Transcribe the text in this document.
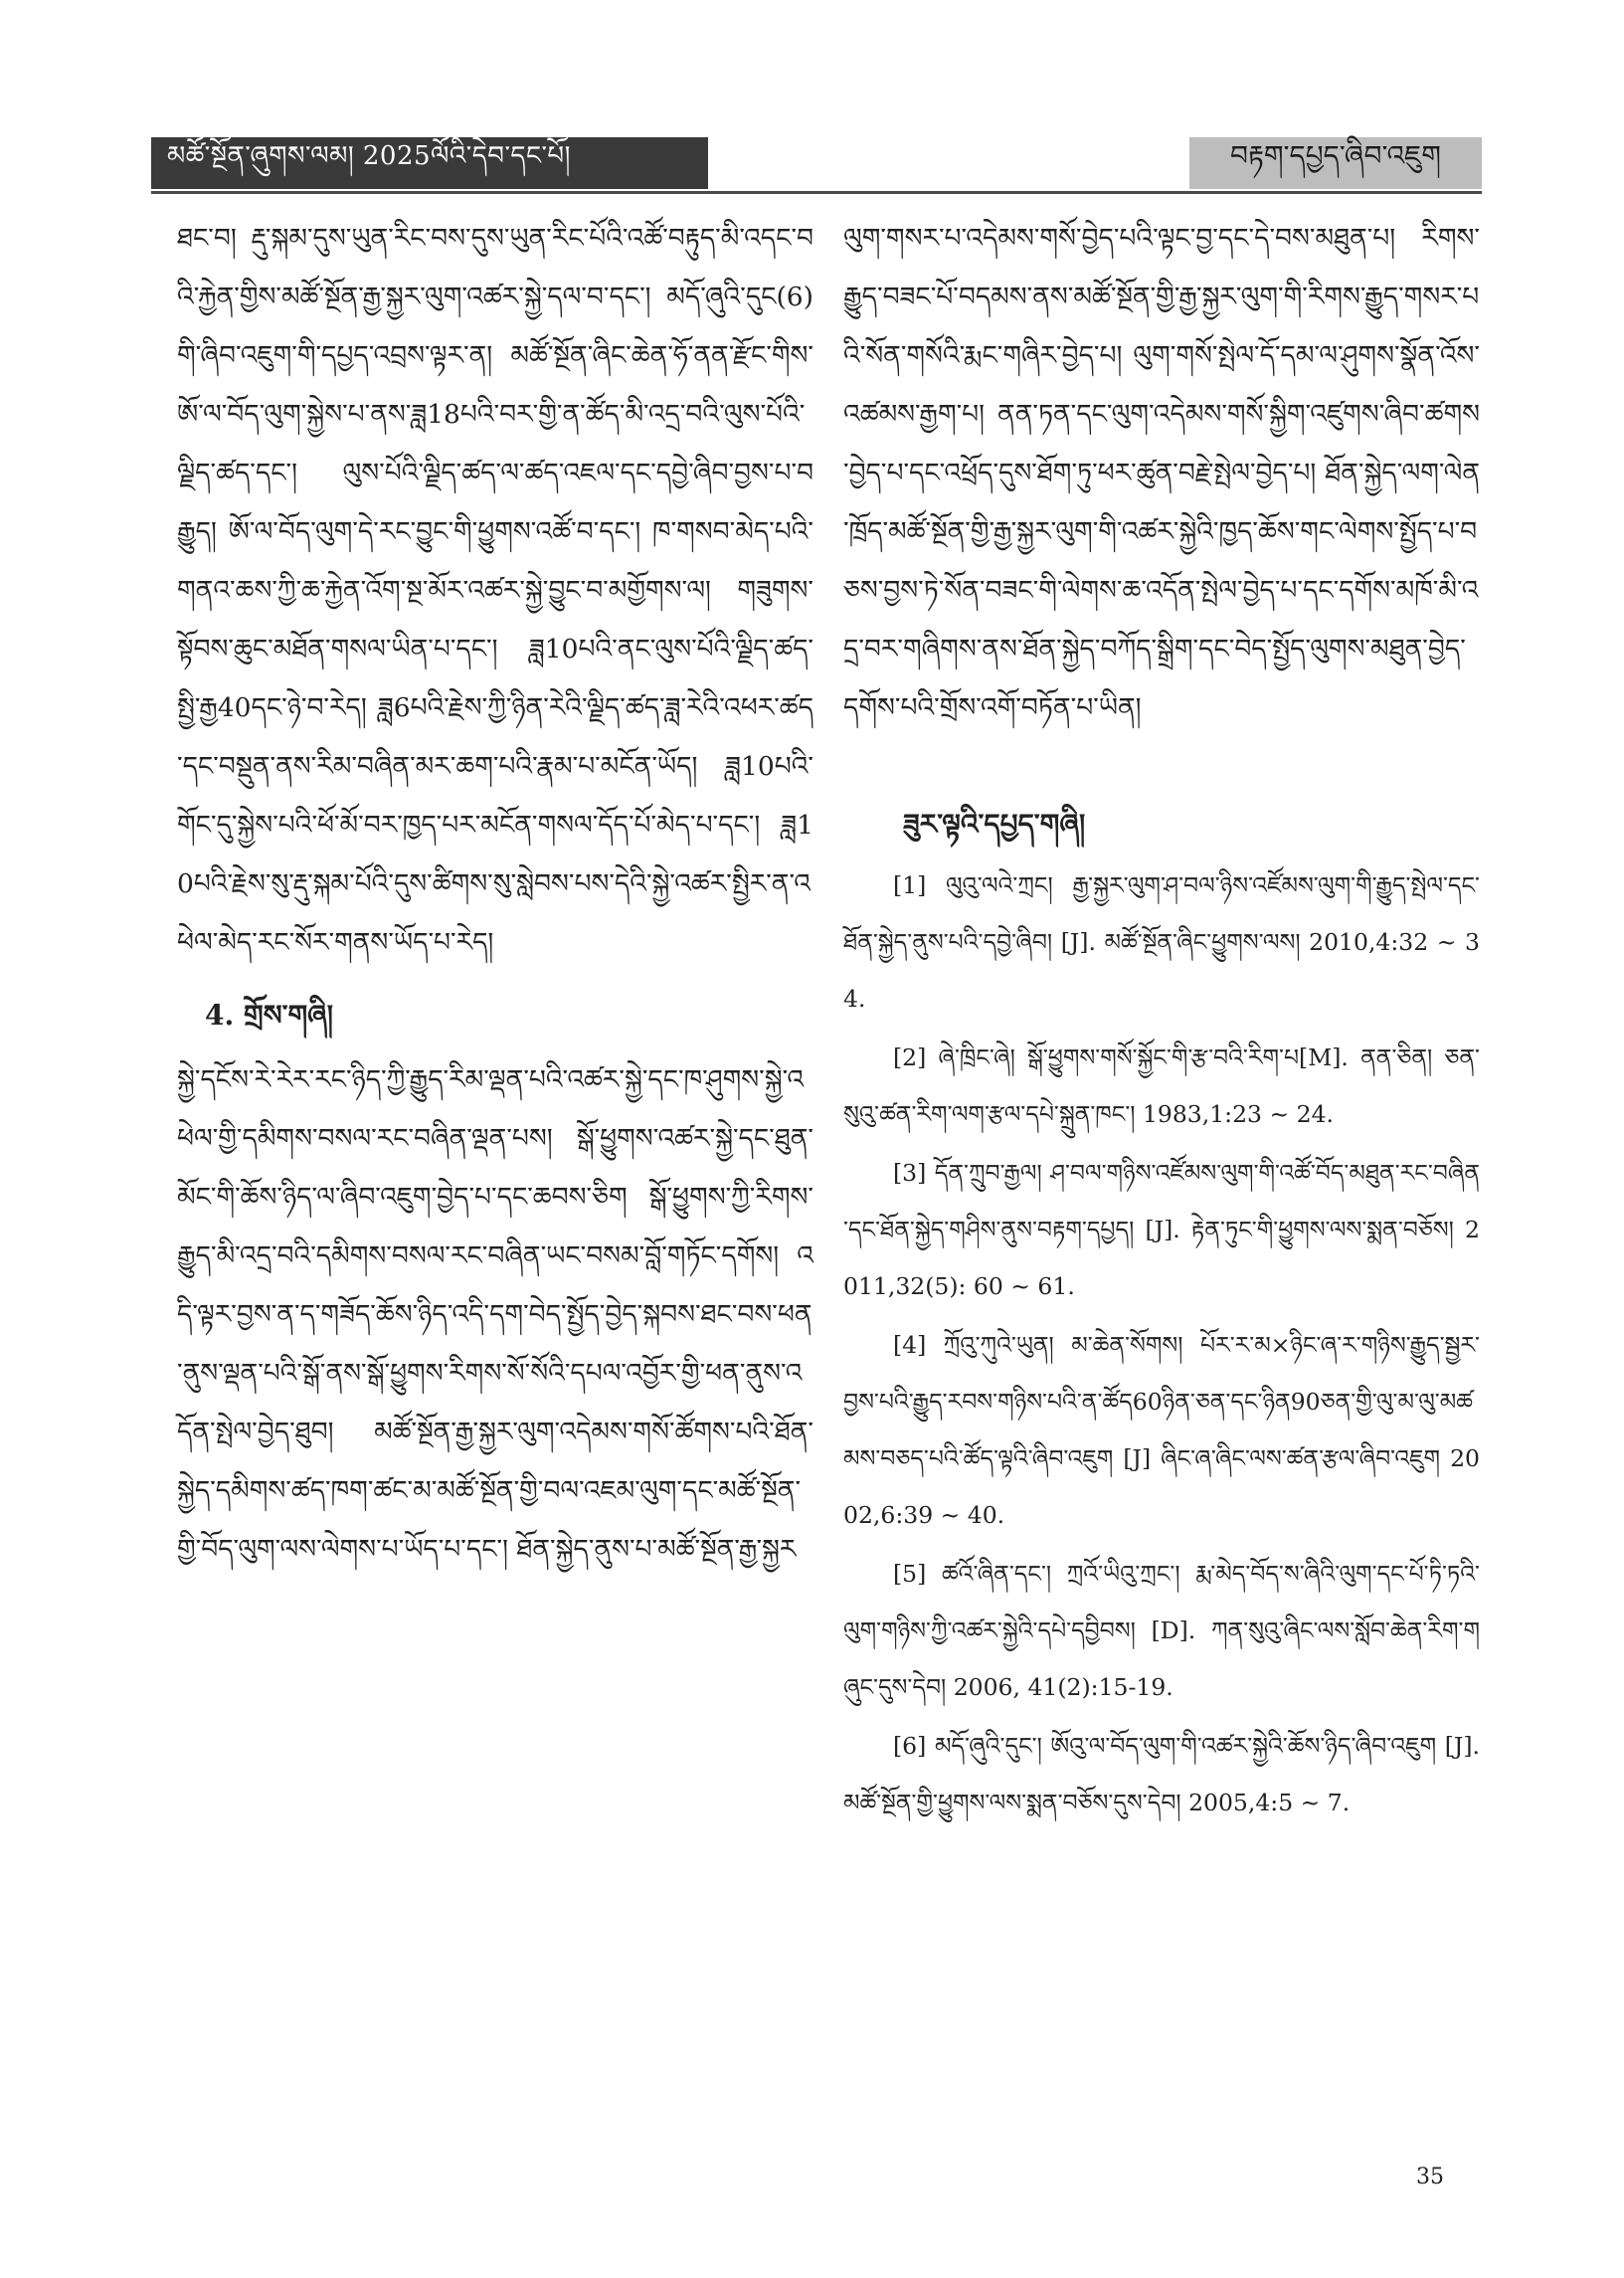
མཚོ་སྔོན་ཞུགས་ལམ། 2025ལོའི་དེབ་དང་པོ།	བརྟག་དཔྱད་ཞིབ་འཇུག

ཐང་བ། རྡུ་སྐམ་དུས་ཡུན་རིང་བས་དུས་ཡུན་རིང་པོའི་འཚོ་བརྟུད་མི་འདང་བའི་རྐྱེན་གྱིས་མཚོ་སྔོན་རྒྱ་སྐྱར་ལུག་འཚར་སྐྱེ་དལ་བ་དང་། མདོ་ཞུའི་དུང(6)གི་ཞིབ་འཇུག་གི་དཔྱད་འབྲས་ལྟར་ན། མཚོ་སྔོན་ཞིང་ཆེན་ཧོ་ནན་རྫོང་གིས་ཨོ་ལ་བོད་ལུག་སྐྱེས་པ་ནས་ཟླ18པའི་བར་གྱི་ན་ཚོད་མི་འདྲ་བའི་ལུས་པོའི་ལྗིད་ཚད་དང་། ལུས་པོའི་ལྗིད་ཚད་ལ་ཚད་འཇལ་དང་དབྱེ་ཞིབ་བྱས་པ་བརྒྱུད། ཨོ་ལ་བོད་ལུག་དེ་རང་བྱུང་གི་ཕྱུགས་འཚོ་བ་དང་། ཁ་གསབ་མེད་པའི་གནའ་ཆས་ཀྱི་ཆ་རྐྱེན་འོག་སྔ་མོར་འཚར་སྐྱེ་བྱུང་བ་མགྱོགས་ལ། གཟུགས་སྟོབས་ཆུང་མཐོན་གསལ་ཡིན་པ་དང་། ཟླ10པའི་ནང་ལུས་པོའི་ལྗིད་ཚད་སྤྱི་རྒྱ40དང་ཉེ་བ་རེད། ཟླ6པའི་རྗེས་ཀྱི་ཉིན་རེའི་ལྗིད་ཚད་ཟླ་རེའི་འཕར་ཚད་དང་བསྡུན་ནས་རིམ་བཞིན་མར་ཆག་པའི་རྣམ་པ་མངོན་ཡོད། ཟླ10པའི་གོང་དུ་སྐྱེས་པའི་ཕོ་མོ་བར་ཁྱད་པར་མངོན་གསལ་དོད་པོ་མེད་པ་དང་། ཟླ10པའི་རྗེས་སུ་རྡུ་སྐམ་པོའི་དུས་ཚིགས་སུ་སླེབས་པས་དེའི་སྐྱེ་འཚར་སྤྱིར་ན་འཕེལ་མེད་རང་སོར་གནས་ཡོད་པ་རེད།

4. གྲོས་གཞི།

སྐྱེ་དངོས་རེ་རེར་རང་ཉིད་ཀྱི་རྒྱུད་རིམ་ལྡན་པའི་འཚར་སྐྱེ་དང་ཁ་ཤུགས་སྐྱེ་འཕེལ་གྱི་དམིགས་བསལ་རང་བཞིན་ལྡན་པས། སྒོ་ཕྱུགས་འཚར་སྐྱེ་དང་ཐུན་མོང་གི་ཆོས་ཉིད་ལ་ཞིབ་འཇུག་བྱེད་པ་དང་ཆབས་ཅིག སྒོ་ཕྱུགས་ཀྱི་རིགས་རྒྱུད་མི་འདྲ་བའི་དམིགས་བསལ་རང་བཞིན་ཡང་བསམ་བློ་གཏོང་དགོས། འདི་ལྟར་བྱས་ན་ད་གཟོད་ཆོས་ཉིད་འདི་དག་བེད་སྤྱོད་བྱེད་སྐབས་ཐང་བས་ཕན་ནུས་ལྡན་པའི་སྒོ་ནས་སྒོ་ཕྱུགས་རིགས་སོ་སོའི་དཔལ་འབྱོར་གྱི་ཕན་ནུས་འདོན་སྤེལ་བྱེད་ཐུབ། མཚོ་སྔོན་རྒྱ་སྐྱར་ལུག་འདེམས་གསོ་ཚོགས་པའི་ཐོན་སྐྱེད་དམིགས་ཚད་ཁག་ཚང་མ་མཚོ་སྔོན་གྱི་བལ་འཇམ་ལུག་དང་མཚོ་སྔོན་གྱི་བོད་ལུག་ལས་ལེགས་པ་ཡོད་པ་དང་། ཐོན་སྐྱེད་ནུས་པ་མཚོ་སྔོན་རྒྱ་སྐྱར

ལུག་གསར་པ་འདེམས་གསོ་བྱེད་པའི་ལྟང་བྱ་དང་དེ་བས་མཐུན་པ། རིགས་རྒྱུད་བཟང་པོ་བདམས་ནས་མཚོ་སྔོན་གྱི་རྒྱ་སྐྱར་ལུག་གི་རིགས་རྒྱུད་གསར་པའི་སོན་གསོའི་རྨང་གཞིར་བྱེད་པ། ལུག་གསོ་སྤེལ་དོ་དམ་ལ་ཤུགས་སྣོན་འོས་འཚམས་རྒྱག་པ། ནན་ཏན་དང་ལུག་འདེམས་གསོ་སྐྱིག་འཛུགས་ཞིབ་ཚགས་བྱེད་པ་དང་འཕྲོད་དུས་ཐོག་ཏུ་ཕར་ཚུན་བརྗེ་སྤེལ་བྱེད་པ། ཐོན་སྐྱེད་ལག་ལེན་ཁྲོད་མཚོ་སྔོན་གྱི་རྒྱ་སྐྱར་ལུག་གི་འཚར་སྐྱེའི་ཁྱད་ཆོས་གང་ལེགས་སྤྱོད་པ་བཅས་བྱས་ཏེ་སོན་བཟང་གི་ལེགས་ཆ་འདོན་སྤེལ་བྱེད་པ་དང་དགོས་མཁོ་མི་འདྲ་བར་གཞིགས་ནས་ཐོན་སྐྱེད་བཀོད་སྒྲིག་དང་བེད་སྤྱོད་ལུགས་མཐུན་བྱེད་དགོས་པའི་གྲོས་འགོ་བཏོན་པ་ཡིན།

ཟུར་ལྟའི་དཔྱད་གཞི།

[1] ལུའུ་ལའེ་ཀྲང། རྒྱ་སྐྱར་ལུག་ཤ་བལ་ཉིས་འཛོམས་ལུག་གི་རྒྱུད་སྤེལ་དང་ཐོན་སྐྱེད་ནུས་པའི་དབྱེ་ཞིབ། [J]. མཚོ་སྔོན་ཞིང་ཕྱུགས་ལས། 2010,4:32 ~ 34.

[2] ཞེ་ཁྲིང་ཞེ། སྒོ་ཕྱུགས་གསོ་སྐྱོང་གི་རྩ་བའི་རིག་པ[M]. ནན་ཅིན། ཅན་སུའུ་ཚན་རིག་ལག་རྩལ་དཔེ་སྐྲུན་ཁང་། 1983,1:23 ~ 24.

[3] དོན་ཀྲུབ་རྒྱལ། ཤ་བལ་གཉིས་འཛོམས་ལུག་གི་འཚོ་བོད་མཐུན་རང་བཞིན་དང་ཐོན་སྐྱེད་གཤིས་ནུས་བརྟག་དཔྱད། [J]. རྟེན་ཏུང་གི་ཕྱུགས་ལས་སྨན་བཅོས། 2011,32(5): 60 ~ 61.

[4] ཀྲོའུ་ཀུའེ་ཡུན། མ་ཆེན་སོགས། པོར་ར་མ×ཉིང་ཞ་ར་གཉིས་རྒྱུད་སྦྱར་བྱས་པའི་རྒྱུད་རབས་གཉིས་པའི་ན་ཚོད60ཉིན་ཅན་དང་ཉིན90ཅན་གྱི་ལུ་མ་ལུ་མཚམས་བཅད་པའི་ཚོད་ལྟའི་ཞིབ་འཇུག [J] ཞིང་ཞ་ཞིང་ལས་ཚན་རྩལ་ཞིབ་འཇུག 2002,6:39 ~ 40.

[5] ཚའོ་ཞིན་དང་། ཀྲའོ་ཡིའུ་ཀྲང་། རྨ་མེད་བོད་ས་ཞིའི་ལུག་དང་པོ་ཏི་ཏའི་ལུག་གཉིས་ཀྱི་འཚར་སྐྱེའི་དཔེ་དབྱིབས། [D]. ཀན་སུའུ་ཞིང་ལས་སློབ་ཆེན་རིག་གཞུང་དུས་དེབ། 2006, 41(2):15-19.

[6] མདོ་ཞུའི་དུང་། ཨོའུ་ལ་བོད་ལུག་གི་འཚར་སྐྱེའི་ཆོས་ཉིད་ཞིབ་འཇུག [J]. མཚོ་སྔོན་གྱི་ཕྱུགས་ལས་སྨན་བཅོས་དུས་དེབ། 2005,4:5 ~ 7.

35
